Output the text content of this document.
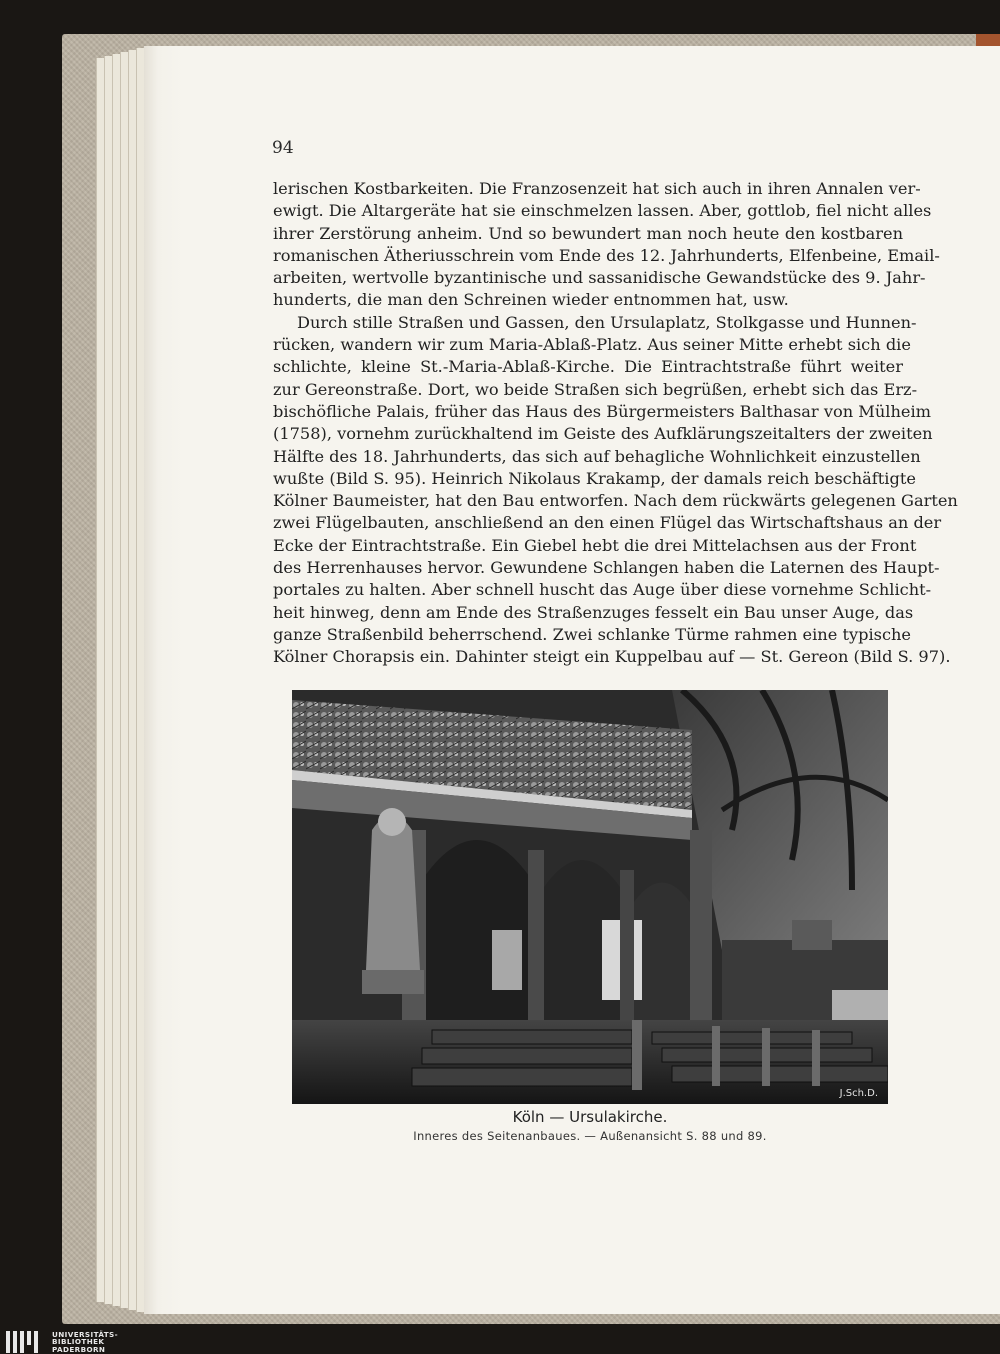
94

lerischen Kostbarkeiten. Die Franzosenzeit hat sich auch in ihren Annalen ver-
ewigt. Die Altargeräte hat sie einschmelzen lassen. Aber, gottlob, fiel nicht alles
ihrer Zerstörung anheim. Und so bewundert man noch heute den kostbaren
romanischen Ätheriusschrein vom Ende des 12. Jahrhunderts, Elfenbeine, Email-
arbeiten, wertvolle byzantinische und sassanidische Gewandstücke des 9. Jahr-
hunderts, die man den Schreinen wieder entnommen hat, usw.

Durch stille Straßen und Gassen, den Ursulaplatz, Stolkgasse und Hunnen-
rücken, wandern wir zum Maria-Ablaß-Platz. Aus seiner Mitte erhebt sich die
schlichte, kleine St.-Maria-Ablaß-Kirche. Die Eintrachtstraße führt weiter
zur Gereonstraße. Dort, wo beide Straßen sich begrüßen, erhebt sich das Erz-
bischöfliche Palais, früher das Haus des Bürgermeisters Balthasar von Mülheim
(1758), vornehm zurückhaltend im Geiste des Aufklärungszeitalters der zweiten
Hälfte des 18. Jahrhunderts, das sich auf behagliche Wohnlichkeit einzustellen
wußte (Bild S. 95). Heinrich Nikolaus Krakamp, der damals reich beschäftigte
Kölner Baumeister, hat den Bau entworfen. Nach dem rückwärts gelegenen Garten
zwei Flügelbauten, anschließend an den einen Flügel das Wirtschaftshaus an der
Ecke der Eintrachtstraße. Ein Giebel hebt die drei Mittelachsen aus der Front
des Herrenhauses hervor. Gewundene Schlangen haben die Laternen des Haupt-
portales zu halten. Aber schnell huscht das Auge über diese vornehme Schlicht-
heit hinweg, denn am Ende des Straßenzuges fesselt ein Bau unser Auge, das
ganze Straßenbild beherrschend. Zwei schlanke Türme rahmen eine typische
Kölner Chorapsis ein. Dahinter steigt ein Kuppelbau auf — St. Gereon (Bild S. 97).

J.Sch.D.
Köln — Ursulakirche.
Inneres des Seitenanbaues. — Außenansicht S. 88 und 89.
UNIVERSITÄTS-
BIBLIOTHEK
PADERBORN
